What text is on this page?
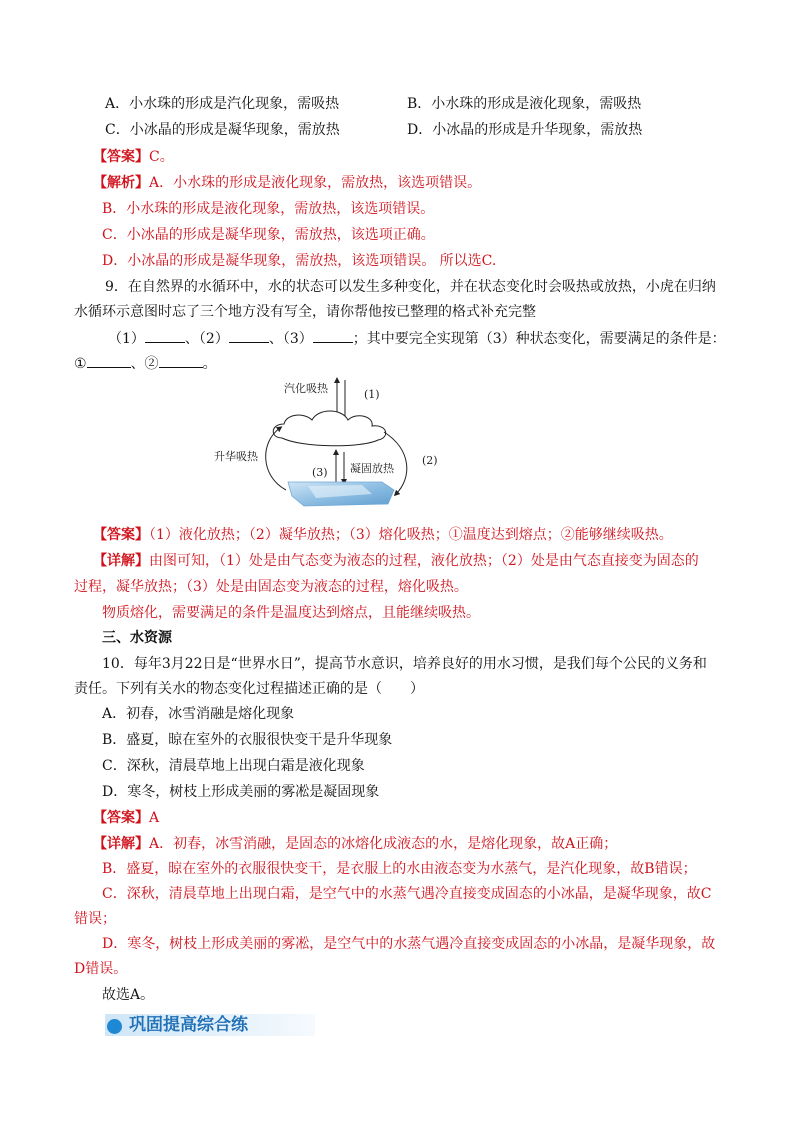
A．小水珠的形成是汽化现象，需吸热	B．小水珠的形成是液化现象，需吸热
C．小冰晶的形成是凝华现象，需放热	D．小冰晶的形成是升华现象，需放热
【答案】C。
【解析】A．小水珠的形成是液化现象，需放热，该选项错误。
B．小水珠的形成是液化现象，需放热，该选项错误。
C．小冰晶的形成是凝华现象，需放热，该选项正确。
D．小冰晶的形成是凝华现象，需放热，该选项错误。 所以选C.
9．在自然界的水循环中，水的状态可以发生多种变化，并在状态变化时会吸热或放热，小虎在归纳
水循环示意图时忘了三个地方没有写全，请你帮他按已整理的格式补充完整
（1）	、（2）	、（3）	；其中要完全实现第（3）种状态变化，需要满足的条件是：
①	、②	。
汽化吸热	(1)
升华吸热	(2)
(3) 凝固放热
【答案】（1）液化放热；（2）凝华放热；（3）熔化吸热；①温度达到熔点；②能够继续吸热。
【详解】由图可知，（1）处是由气态变为液态的过程，液化放热；（2）处是由气态直接变为固态的
过程，凝华放热；（3）处是由固态变为液态的过程，熔化吸热。
物质熔化，需要满足的条件是温度达到熔点，且能继续吸热。
三、水资源
10．每年3月22日是“世界水日”，提高节水意识，培养良好的用水习惯，是我们每个公民的义务和
责任。下列有关水的物态变化过程描述正确的是（　　）
A．初春，冰雪消融是熔化现象
B．盛夏，晾在室外的衣服很快变干是升华现象
C．深秋，清晨草地上出现白霜是液化现象
D．寒冬，树枝上形成美丽的雾凇是凝固现象
【答案】A
【详解】A．初春，冰雪消融，是固态的冰熔化成液态的水，是熔化现象，故A正确；
B．盛夏，晾在室外的衣服很快变干，是衣服上的水由液态变为水蒸气，是汽化现象，故B错误；
C．深秋，清晨草地上出现白霜，是空气中的水蒸气遇冷直接变成固态的小冰晶，是凝华现象，故C
错误；
D．寒冬，树枝上形成美丽的雾凇，是空气中的水蒸气遇冷直接变成固态的小冰晶，是凝华现象，故
D错误。
故选A。
巩固提高综合练
